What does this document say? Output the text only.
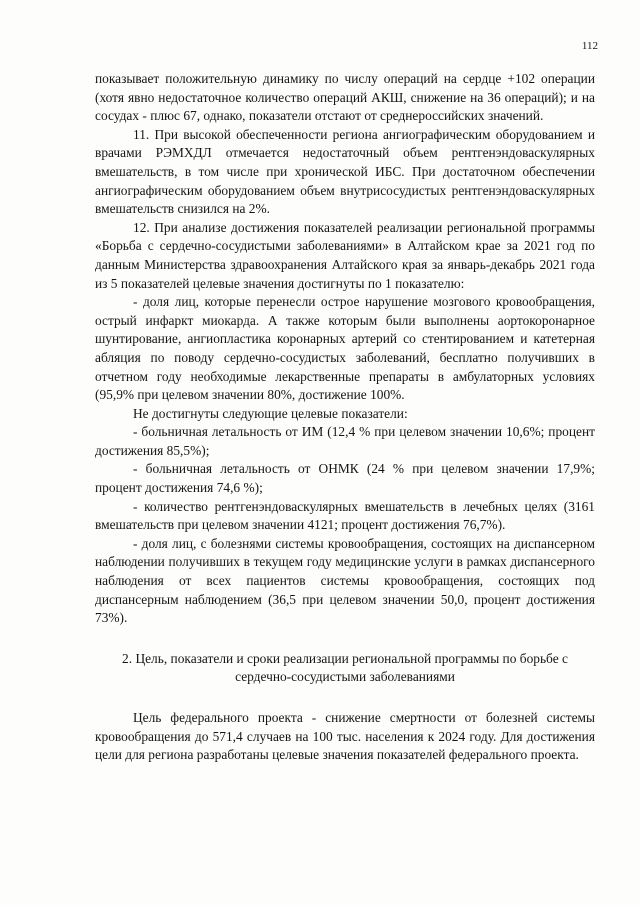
112

показывает положительную динамику по числу операций на сердце +102 операции (хотя явно недостаточное количество операций АКШ, снижение на 36 операций); и на сосудах - плюс 67, однако, показатели отстают от среднероссийских значений.

11. При высокой обеспеченности региона ангиографическим оборудованием и врачами РЭМХДЛ отмечается недостаточный объем рентгенэндоваскулярных вмешательств, в том числе при хронической ИБС. При достаточном обеспечении ангиографическим оборудованием объем внутрисосудистых рентгенэндоваскулярных вмешательств снизился на 2%.

12. При анализе достижения показателей реализации региональной программы «Борьба с сердечно-сосудистыми заболеваниями» в Алтайском крае за 2021 год по данным Министерства здравоохранения Алтайского края за январь-декабрь 2021 года из 5 показателей целевые значения достигнуты по 1 показателю:

- доля лиц, которые перенесли острое нарушение мозгового кровообращения, острый инфаркт миокарда. А также которым были выполнены аортокоронарное шунтирование, ангиопластика коронарных артерий со стентированием и катетерная абляция по поводу сердечно-сосудистых заболеваний, бесплатно получивших в отчетном году необходимые лекарственные препараты в амбулаторных условиях (95,9% при целевом значении 80%, достижение 100%.

Не достигнуты следующие целевые показатели:

- больничная летальность от ИМ (12,4 % при целевом значении 10,6%; процент достижения 85,5%);

- больничная летальность от ОНМК (24 % при целевом значении 17,9%; процент достижения 74,6 %);

- количество рентгенэндоваскулярных вмешательств в лечебных целях (3161 вмешательств при целевом значении 4121; процент достижения 76,7%).

- доля лиц, с болезнями системы кровообращения, состоящих на диспансерном наблюдении получивших в текущем году медицинские услуги в рамках диспансерного наблюдения от всех пациентов системы кровообращения, состоящих под диспансерным наблюдением (36,5 при целевом значении 50,0, процент достижения 73%).

2. Цель, показатели и сроки реализации региональной программы по борьбе с сердечно-сосудистыми заболеваниями

Цель федерального проекта - снижение смертности от болезней системы кровообращения до 571,4 случаев на 100 тыс. населения к 2024 году. Для достижения цели для региона разработаны целевые значения показателей федерального проекта.
